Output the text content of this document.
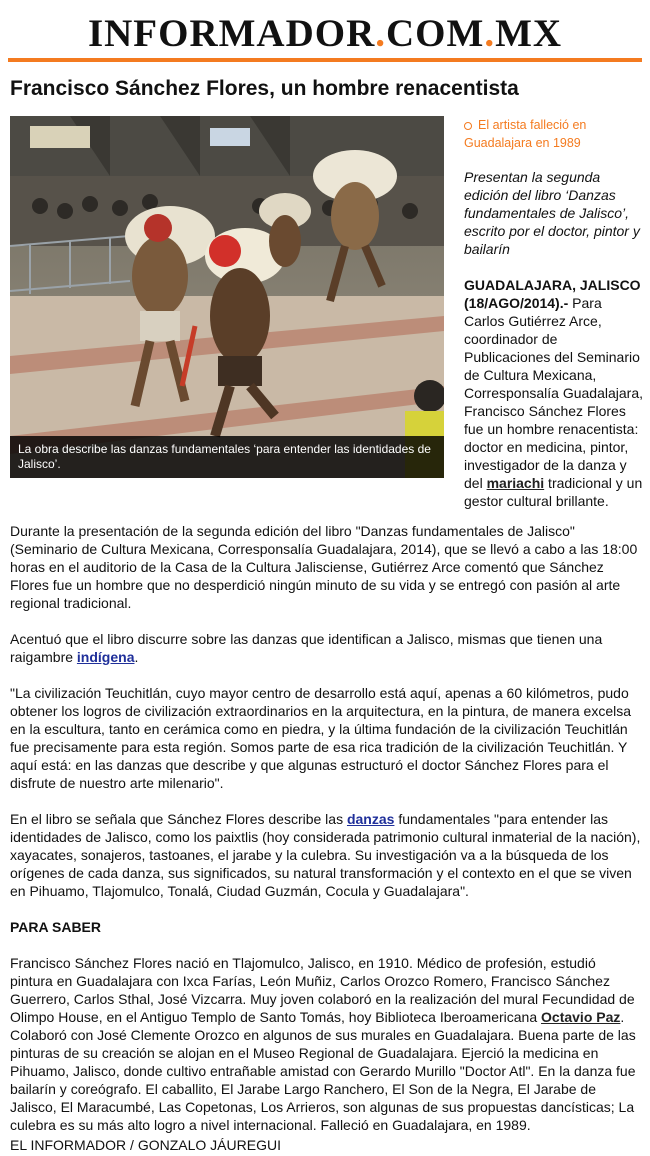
INFORMADOR.COM.MX
Francisco Sánchez Flores, un hombre renacentista
La obra describe las danzas fundamentales ‘para entender las identidades de Jalisco’.
El artista falleció en Guadalajara en 1989
Presentan la segunda edición del libro ‘Danzas fundamentales de Jalisco’, escrito por el doctor, pintor y bailarín
GUADALAJARA, JALISCO (18/AGO/2014).- Para Carlos Gutiérrez Arce, coordinador de Publicaciones del Seminario de Cultura Mexicana, Corresponsalía Guadalajara, Francisco Sánchez Flores fue un hombre renacentista: doctor en medicina, pintor, investigador de la danza y del mariachi tradicional y un gestor cultural brillante.

Durante la presentación de la segunda edición del libro "Danzas fundamentales de Jalisco" (Seminario de Cultura Mexicana, Corresponsalía Guadalajara, 2014), que se llevó a cabo a las 18:00 horas en el auditorio de la Casa de la Cultura Jalisciense, Gutiérrez Arce comentó que Sánchez Flores fue un hombre que no desperdició ningún minuto de su vida y se entregó con pasión al arte regional tradicional.

Acentuó que el libro discurre sobre las danzas que identifican a Jalisco, mismas que tienen una raigambre indígena.

"La civilización Teuchitlán, cuyo mayor centro de desarrollo está aquí, apenas a 60 kilómetros, pudo obtener los logros de civilización extraordinarios en la arquitectura, en la pintura, de manera excelsa en la escultura, tanto en cerámica como en piedra, y la última fundación de la civilización Teuchitlán fue precisamente para esta región. Somos parte de esa rica tradición de la civilización Teuchitlán. Y aquí está: en las danzas que describe y que algunas estructuró el doctor Sánchez Flores para el disfrute de nuestro arte milenario".

En el libro se señala que Sánchez Flores describe las danzas fundamentales "para entender las identidades de Jalisco, como los paixtlis (hoy considerada patrimonio cultural inmaterial de la nación), xayacates, sonajeros, tastoanes, el jarabe y la culebra. Su investigación va a la búsqueda de los orígenes de cada danza, sus significados, su natural transformación y el contexto en el que se viven en Pihuamo, Tlajomulco, Tonalá, Ciudad Guzmán, Cocula y Guadalajara".

PARA SABER

Francisco Sánchez Flores nació en Tlajomulco, Jalisco, en 1910. Médico de profesión, estudió pintura en Guadalajara con Ixca Farías, León Muñiz, Carlos Orozco Romero, Francisco Sánchez Guerrero, Carlos Sthal, José Vizcarra. Muy joven colaboró en la realización del mural Fecundidad de Olimpo House, en el Antiguo Templo de Santo Tomás, hoy Biblioteca Iberoamericana Octavio Paz. Colaboró con José Clemente Orozco en algunos de sus murales en Guadalajara. Buena parte de las pinturas de su creación se alojan en el Museo Regional de Guadalajara. Ejerció la medicina en Pihuamo, Jalisco, donde cultivo entrañable amistad con Gerardo Murillo "Doctor Atl". En la danza fue bailarín y coreógrafo. El caballito, El Jarabe Largo Ranchero, El Son de la Negra, El Jarabe de Jalisco, El Maracumbé, Las Copetonas, Los Arrieros, son algunas de sus propuestas dancísticas; La culebra es su más alto logro a nivel internacional. Falleció en Guadalajara, en 1989.

EL INFORMADOR / GONZALO JÁUREGUI
